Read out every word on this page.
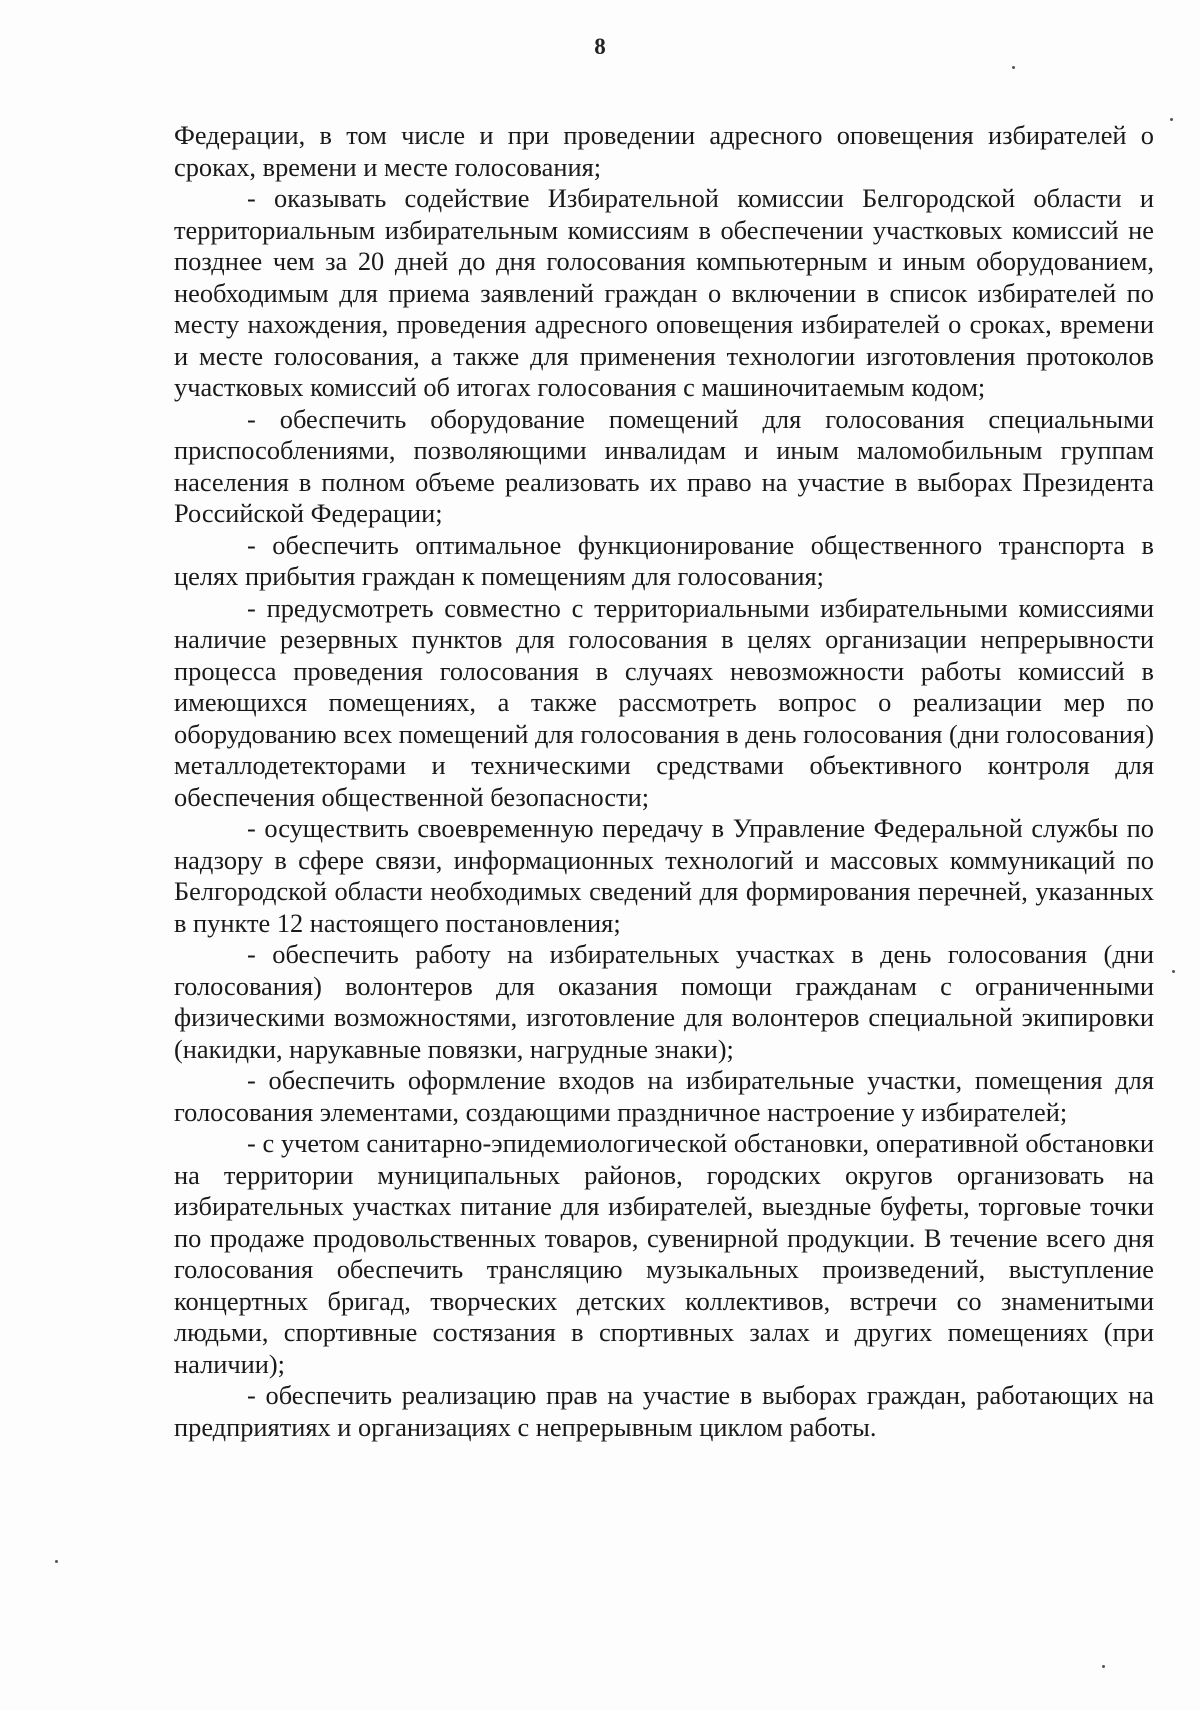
8

Федерации, в том числе и при проведении адресного оповещения избирателей о сроках, времени и месте голосования;

- оказывать содействие Избирательной комиссии Белгородской области и территориальным избирательным комиссиям в обеспечении участковых комиссий не позднее чем за 20 дней до дня голосования компьютерным и иным оборудованием, необходимым для приема заявлений граждан о включении в список избирателей по месту нахождения, проведения адресного оповещения избирателей о сроках, времени и месте голосования, а также для применения технологии изготовления протоколов участковых комиссий об итогах голосования с машиночитаемым кодом;

- обеспечить оборудование помещений для голосования специальными приспособлениями, позволяющими инвалидам и иным маломобильным группам населения в полном объеме реализовать их право на участие в выборах Президента Российской Федерации;

- обеспечить оптимальное функционирование общественного транспорта в целях прибытия граждан к помещениям для голосования;

- предусмотреть совместно с территориальными избирательными комиссиями наличие резервных пунктов для голосования в целях организации непрерывности процесса проведения голосования в случаях невозможности работы комиссий в имеющихся помещениях, а также рассмотреть вопрос о реализации мер по оборудованию всех помещений для голосования в день голосования (дни голосования) металлодетекторами и техническими средствами объективного контроля для обеспечения общественной безопасности;

- осуществить своевременную передачу в Управление Федеральной службы по надзору в сфере связи, информационных технологий и массовых коммуникаций по Белгородской области необходимых сведений для формирования перечней, указанных в пункте 12 настоящего постановления;

- обеспечить работу на избирательных участках в день голосования (дни голосования) волонтеров для оказания помощи гражданам с ограниченными физическими возможностями, изготовление для волонтеров специальной экипировки (накидки, нарукавные повязки, нагрудные знаки);

- обеспечить оформление входов на избирательные участки, помещения для голосования элементами, создающими праздничное настроение у избирателей;

- с учетом санитарно-эпидемиологической обстановки, оперативной обстановки на территории муниципальных районов, городских округов организовать на избирательных участках питание для избирателей, выездные буфеты, торговые точки по продаже продовольственных товаров, сувенирной продукции. В течение всего дня голосования обеспечить трансляцию музыкальных произведений, выступление концертных бригад, творческих детских коллективов, встречи со знаменитыми людьми, спортивные состязания в спортивных залах и других помещениях (при наличии);

- обеспечить реализацию прав на участие в выборах граждан, работающих на предприятиях и организациях с непрерывным циклом работы.
